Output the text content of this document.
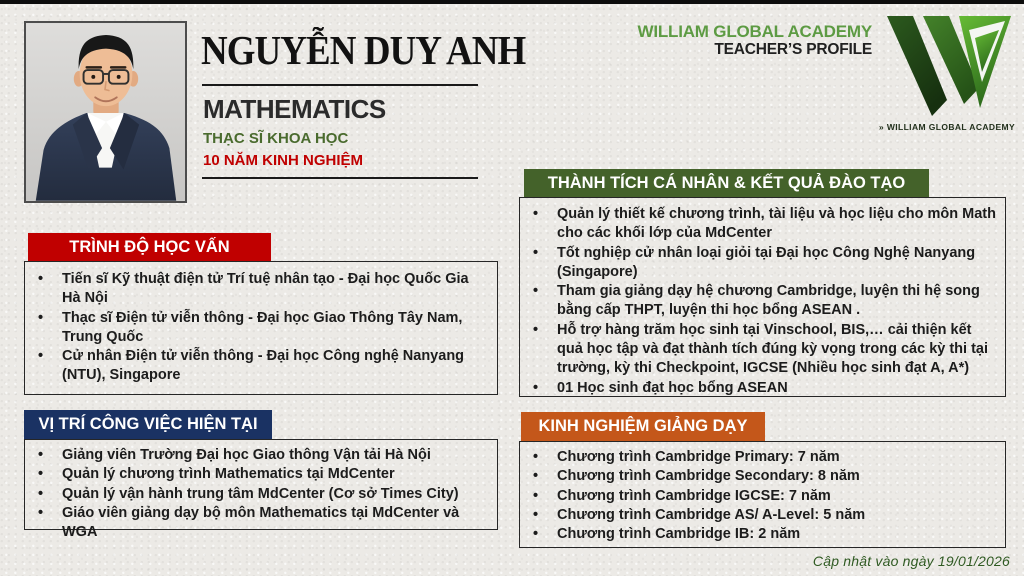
NGUYỄN DUY ANH
MATHEMATICS
THẠC SĨ KHOA HỌC
10 NĂM KINH NGHIỆM
WILLIAM GLOBAL ACADEMY
TEACHER’S PROFILE
» WILLIAM GLOBAL ACADEMY
TRÌNH ĐỘ HỌC VẤN
• Tiến sĩ Kỹ thuật điện tử Trí tuệ nhân tạo - Đại học Quốc Gia Hà Nội
• Thạc sĩ Điện tử viễn thông - Đại học Giao Thông Tây Nam, Trung Quốc
• Cử nhân Điện tử viễn thông - Đại học Công nghệ Nanyang (NTU), Singapore
VỊ TRÍ CÔNG VIỆC HIỆN TẠI
• Giảng viên Trường Đại học Giao thông Vận tải Hà Nội
• Quản lý chương trình Mathematics tại MdCenter
• Quản lý vận hành trung tâm MdCenter (Cơ sở Times City)
• Giáo viên giảng dạy bộ môn Mathematics tại MdCenter và WGA
THÀNH TÍCH CÁ NHÂN & KẾT QUẢ ĐÀO TẠO
• Quản lý thiết kế chương trình, tài liệu và học liệu cho môn Math cho các khối lớp của MdCenter
• Tốt nghiệp cử nhân loại giỏi tại Đại học Công Nghệ Nanyang (Singapore)
• Tham gia giảng dạy hệ chương Cambridge, luyện thi hệ song bằng cấp THPT, luyện thi học bổng ASEAN .
• Hỗ trợ hàng trăm học sinh tại Vinschool, BIS,… cải thiện kết quả học tập và đạt thành tích đúng kỳ vọng trong các kỳ thi tại trường, kỳ thi Checkpoint, IGCSE (Nhiều học sinh đạt A, A*)
• 01 Học sinh đạt học bổng ASEAN
KINH NGHIỆM GIẢNG DẠY
• Chương trình Cambridge Primary: 7 năm
• Chương trình Cambridge Secondary: 8 năm
• Chương trình Cambridge IGCSE: 7 năm
• Chương trình Cambridge AS/ A-Level: 5 năm
• Chương trình Cambridge IB: 2 năm
Cập nhật vào ngày 19/01/2026
